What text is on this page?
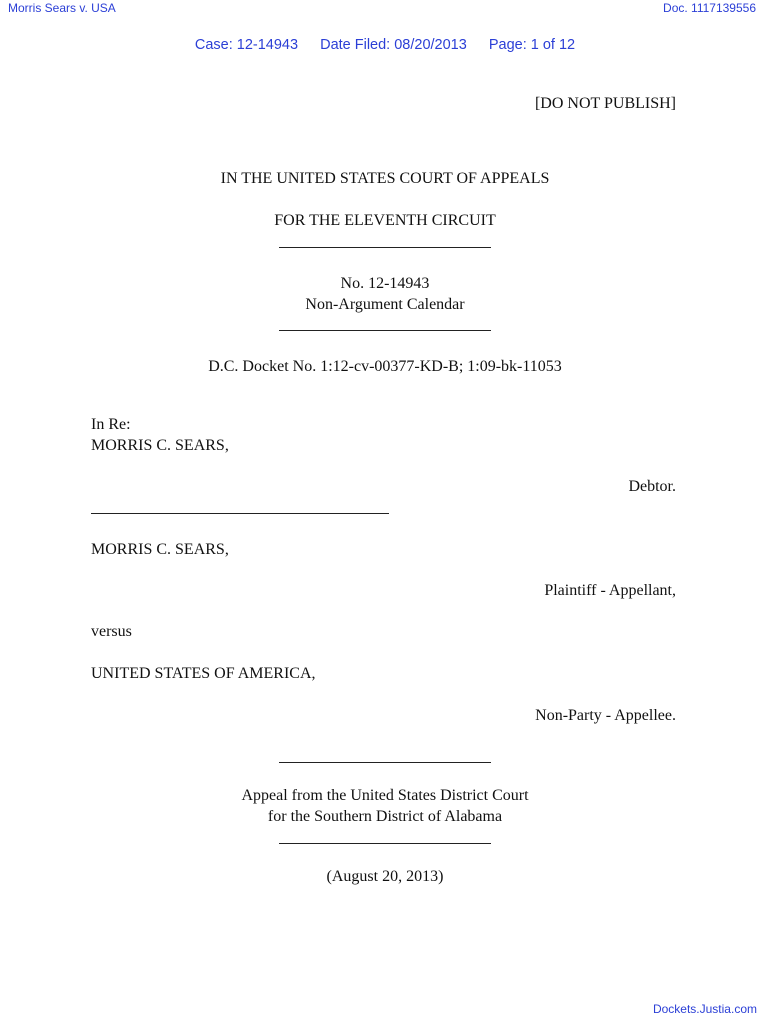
Morris Sears v. USA	Doc. 1117139556
Case: 12-14943 Date Filed: 08/20/2013 Page: 1 of 12
[DO NOT PUBLISH]
IN THE UNITED STATES COURT OF APPEALS
FOR THE ELEVENTH CIRCUIT
No. 12-14943
Non-Argument Calendar
D.C. Docket No. 1:12-cv-00377-KD-B; 1:09-bk-11053
In Re:
MORRIS C. SEARS,
Debtor.
MORRIS C. SEARS,
Plaintiff - Appellant,
versus
UNITED STATES OF AMERICA,
Non-Party - Appellee.
Appeal from the United States District Court
for the Southern District of Alabama
(August 20, 2013)
Dockets.Justia.com
